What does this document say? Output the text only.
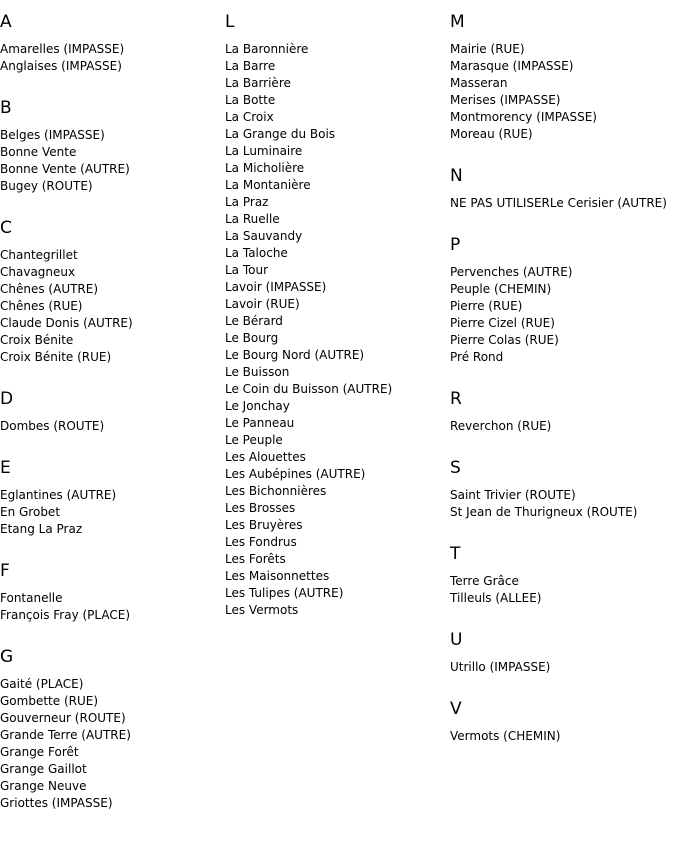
A
Amarelles (IMPASSE)
Anglaises (IMPASSE)
B
Belges (IMPASSE)
Bonne Vente
Bonne Vente (AUTRE)
Bugey (ROUTE)
C
Chantegrillet
Chavagneux
Chênes (AUTRE)
Chênes (RUE)
Claude Donis (AUTRE)
Croix Bénite
Croix Bénite (RUE)
D
Dombes (ROUTE)
E
Eglantines (AUTRE)
En Grobet
Etang La Praz
F
Fontanelle
François Fray (PLACE)
G
Gaité (PLACE)
Gombette (RUE)
Gouverneur (ROUTE)
Grande Terre (AUTRE)
Grange Forêt
Grange Gaillot
Grange Neuve
Griottes (IMPASSE)
L
La Baronnière
La Barre
La Barrière
La Botte
La Croix
La Grange du Bois
La Luminaire
La Micholière
La Montanière
La Praz
La Ruelle
La Sauvandy
La Taloche
La Tour
Lavoir (IMPASSE)
Lavoir (RUE)
Le Bérard
Le Bourg
Le Bourg Nord (AUTRE)
Le Buisson
Le Coin du Buisson (AUTRE)
Le Jonchay
Le Panneau
Le Peuple
Les Alouettes
Les Aubépines (AUTRE)
Les Bichonnières
Les Brosses
Les Bruyères
Les Fondrus
Les Forêts
Les Maisonnettes
Les Tulipes (AUTRE)
Les Vermots
M
Mairie (RUE)
Marasque (IMPASSE)
Masseran
Merises (IMPASSE)
Montmorency (IMPASSE)
Moreau (RUE)
N
NE PAS UTILISERLe Cerisier (AUTRE)
P
Pervenches (AUTRE)
Peuple (CHEMIN)
Pierre (RUE)
Pierre Cizel (RUE)
Pierre Colas (RUE)
Pré Rond
R
Reverchon (RUE)
S
Saint Trivier (ROUTE)
St Jean de Thurigneux (ROUTE)
T
Terre Grâce
Tilleuls (ALLEE)
U
Utrillo (IMPASSE)
V
Vermots (CHEMIN)
